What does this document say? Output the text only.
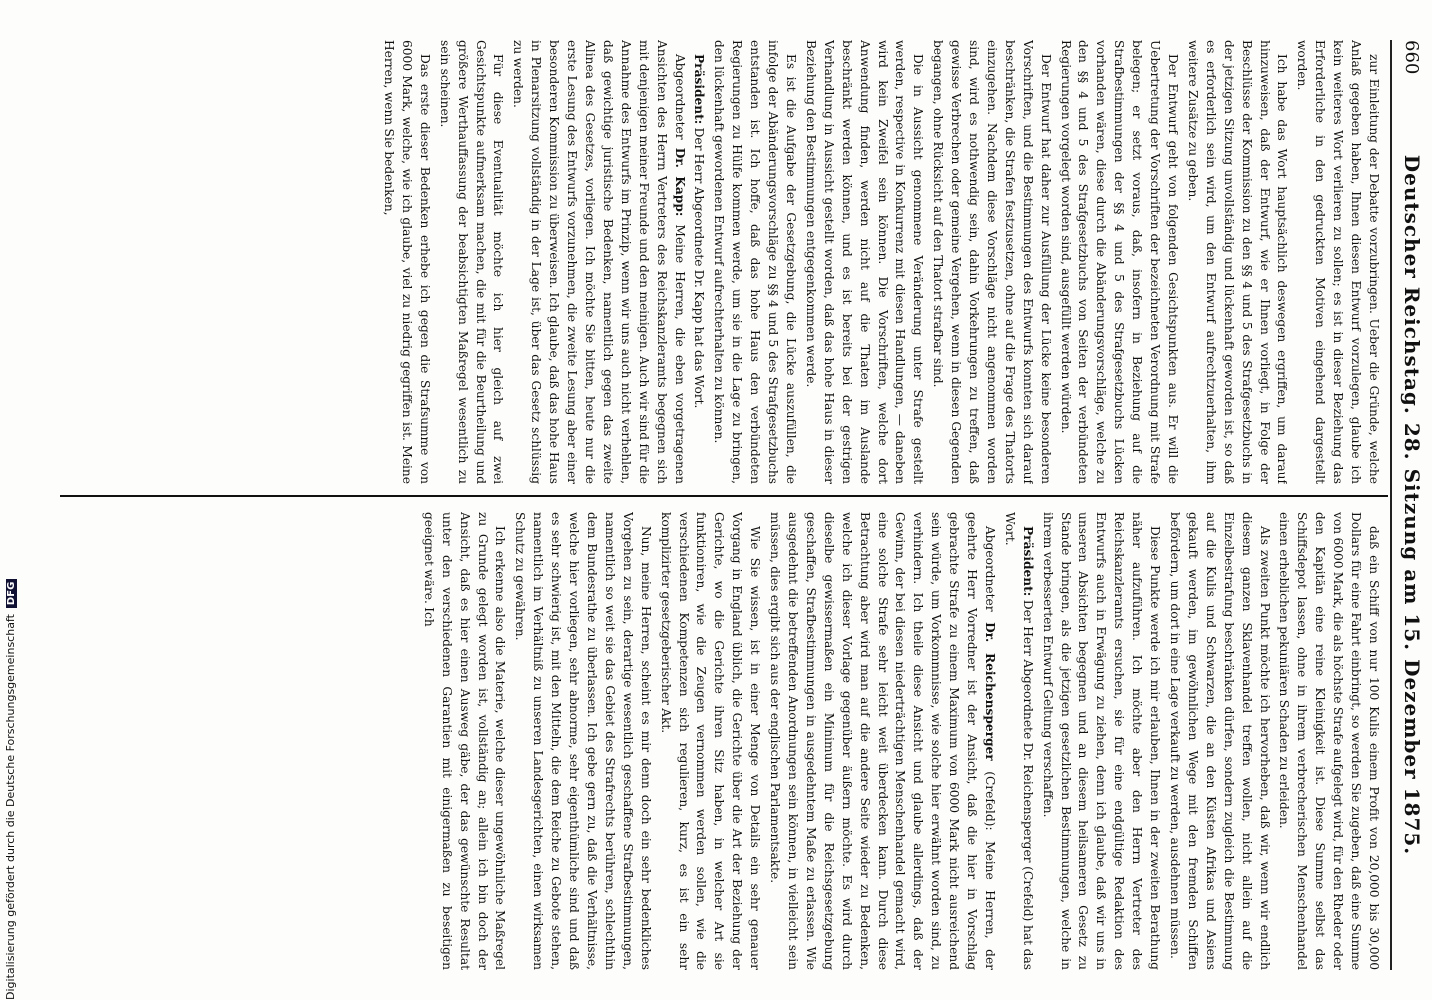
660
Deutscher Reichstag. 28. Sitzung am 15. Dezember 1875.

zur Einleitung der Debatte vorzubringen. Ueber die Gründe, welche Anlaß gegeben haben, Ihnen diesen Entwurf vorzulegen, glaube ich kein weiteres Wort verlieren zu sollen; es ist in dieser Beziehung das Erforderliche in den gedruckten Motiven eingehend dargestellt worden.

Ich habe das Wort hauptsächlich deswegen ergriffen, um darauf hinzuweisen, daß der Entwurf, wie er Ihnen vorliegt, in Folge der Beschlüsse der Kommission zu den §§ 4 und 5 des Strafgesetzbuchs in der jetzigen Sitzung unvollständig und lückenhaft geworden ist, so daß es erforderlich sein wird, um den Entwurf aufrechtzuerhalten, ihm weitere Zusätze zu geben.

Der Entwurf geht von folgenden Gesichtspunkten aus. Er will die Uebertretung der Vorschriften der bezeichneten Verordnung mit Strafe belegen; er setzt voraus, daß, insofern in Beziehung auf die Strafbestimmungen der §§ 4 und 5 des Strafgesetzbuchs Lücken vorhanden wären, diese durch die Abänderungsvorschläge, welche zu den §§ 4 und 5 des Strafgesetzbuchs von Seiten der verbündeten Regierungen vorgelegt worden sind, ausgefüllt werden würden.

Der Entwurf hat daher zur Ausfüllung der Lücke keine besonderen Vorschriften, und die Bestimmungen des Entwurfs konnten sich darauf beschränken, die Strafen festzusetzen, ohne auf die Frage des Thatorts einzugehen. Nachdem diese Vorschläge nicht angenommen worden sind, wird es nothwendig sein, dahin Vorkehrungen zu treffen, daß gewisse Verbrechen oder gemeine Vergehen, wenn in diesen Gegenden begangen, ohne Rücksicht auf den Thatort strafbar sind.

Die in Aussicht genommene Veränderung unter Strafe gestellt werden, respective in Konkurrenz mit diesen Handlungen, — daneben wird kein Zweifel sein können. Die Vorschriften, welche dort Anwendung finden, werden nicht auf die Thaten im Auslande beschränkt werden können, und es ist bereits bei der gestrigen Verhandlung in Aussicht gestellt worden, daß das hohe Haus in dieser Beziehung den Bestimmungen entgegenkommen werde.

Es ist die Aufgabe der Gesetzgebung, die Lücke auszufüllen, die infolge der Abänderungsvorschläge zu §§ 4 und 5 des Strafgesetzbuchs entstanden ist. Ich hoffe, daß das hohe Haus den verbündeten Regierungen zu Hülfe kommen werde, um sie in die Lage zu bringen, den lückenhaft gewordenen Entwurf aufrechterhalten zu können.

Präsident: Der Herr Abgeordnete Dr. Kapp hat das Wort.

Abgeordneter Dr. Kapp: Meine Herren, die eben vorgetragenen Ansichten des Herrn Vertreters des Reichskanzleramts begegnen sich mit denjenigen meiner Freunde und den meinigen. Auch wir sind für die Annahme des Entwurfs im Prinzip, wenn wir uns auch nicht verhehlen, daß gewichtige juristische Bedenken, namentlich gegen das zweite Alinea des Gesetzes, vorliegen. Ich möchte Sie bitten, heute nur die erste Lesung des Entwurfs vorzunehmen, die zweite Lesung aber einer besonderen Kommission zu überweisen. Ich glaube, daß das hohe Haus in Plenarsitzung vollständig in der Lage ist, über das Gesetz schlüssig zu werden.

Für diese Eventualität möchte ich hier gleich auf zwei Gesichtspunkte aufmerksam machen, die mit für die Beurtheilung und größere Werthauffassung der beabsichtigten Maßregel wesentlich zu sein scheinen.

Das erste dieser Bedenken erhebe ich gegen die Strafsumme von 6000 Mark, welche, wie ich glaube, viel zu niedrig gegriffen ist. Meine Herren, wenn Sie bedenken,

daß ein Schiff von nur 100 Kulis einem Profit von 20,000 bis 30,000 Dollars für eine Fahrt einbringt, so werden Sie zugeben, daß eine Summe von 6000 Mark, die als höchste Strafe aufgelegt wird, für den Rheder oder den Kapitän eine reine Kleinigkeit ist. Diese Summe selbst das Schiffsdepot lassen, ohne in ihrem verbrecherischen Menschenhandel einen erheblichen pekuniären Schaden zu erleiden.

Als zweiten Punkt möchte ich hervorheben, daß wir, wenn wir endlich diesem ganzen Sklavenhandel treffen wollen, nicht allein auf die Einzelbestrafung beschränken dürfen, sondern zugleich die Bestimmung auf die Kulis und Schwarzen, die an den Küsten Afrikas und Asiens gekauft werden, im gewöhnlichen Wege mit den fremden Schiffen befördern, um dort in eine Lage verkauft zu werden, ausdehnen müssen.

Diese Punkte werde ich mir erlauben, Ihnen in der zweiten Berathung näher aufzuführen. Ich möchte aber den Herrn Vertreter des Reichskanzleramts ersuchen, sie für eine endgültige Redaktion des Entwurfs auch in Erwägung zu ziehen, denn ich glaube, daß wir uns in unseren Absichten begegnen und an diesem heilsameren Gesetz zu Stande bringen, als die jetzigen gesetzlichen Bestimmungen, welche in ihrem verbesserten Entwurf Geltung verschaffen.

Präsident: Der Herr Abgeordnete Dr. Reichensperger (Crefeld) hat das Wort.

Abgeordneter Dr. Reichensperger (Crefeld): Meine Herren, der geehrte Herr Vorredner ist der Ansicht, daß die hier in Vorschlag gebrachte Strafe zu einem Maximum von 6000 Mark nicht ausreichend sein würde, um Vorkommnisse, wie solche hier erwähnt worden sind, zu verhindern. Ich theile diese Ansicht und glaube allerdings, daß der Gewinn, der bei diesen niederträchtigen Menschenhandel gemacht wird, eine solche Strafe sehr leicht weit überdecken kann. Durch diese Betrachtung aber wird man auf die andere Seite wieder zu Bedenken, welche ich dieser Vorlage gegenüber äußern möchte. Es wird durch dieselbe gewissermaßen ein Minimum für die Reichsgesetzgebung geschaffen, Strafbestimmungen in ausgedehntem Maße zu erlassen. Wie ausgedehnt die betreffenden Anordnungen sein können, in vielleicht sein müssen, dies ergibt sich aus der englischen Parlamentsakte.

Wie Sie wissen, ist in einer Menge von Details ein sehr genauer Vorgang in England üblich, die Gerichte über die Art der Beziehung der Gerichte, wo die Gerichte ihren Sitz haben, in welcher Art sie funktioniren, wie die Zeugen vernommen werden sollen, wie die verschiedenen Kompetenzen sich regulieren, kurz, es ist ein sehr komplizirter gesetzgeberischer Akt.

Nun, meine Herren, scheint es mir denn doch ein sehr bedenkliches Vorgehen zu sein, derartige wesentlich geschaffene Strafbestimmungen, namentlich so weit sie das Gebiet des Strafrechts berühren, schlechthin dem Bundesrathe zu überlassen. Ich gebe gern zu, daß die Verhältnisse, welche hier vorliegen, sehr abnorme, sehr eigenthümliche sind und daß es sehr schwierig ist, mit den Mitteln, die dem Reiche zu Gebote stehen, namentlich im Verhältniß zu unseren Landesgerichten, einen wirksamen Schutz zu gewähren.

Ich erkenne also die Materie, welche dieser ungewöhnliche Maßregel zu Grunde gelegt worden ist, vollständig an; allein ich bin doch der Ansicht, daß es hier einen Ausweg gäbe, der das gewünschte Resultat unter den verschiedenen Garantien mit einigermaßen zu beseitigen geeignet wäre. Ich

Digitalisierung gefördert durch die Deutsche ForschungsgemeinschaftDFG
